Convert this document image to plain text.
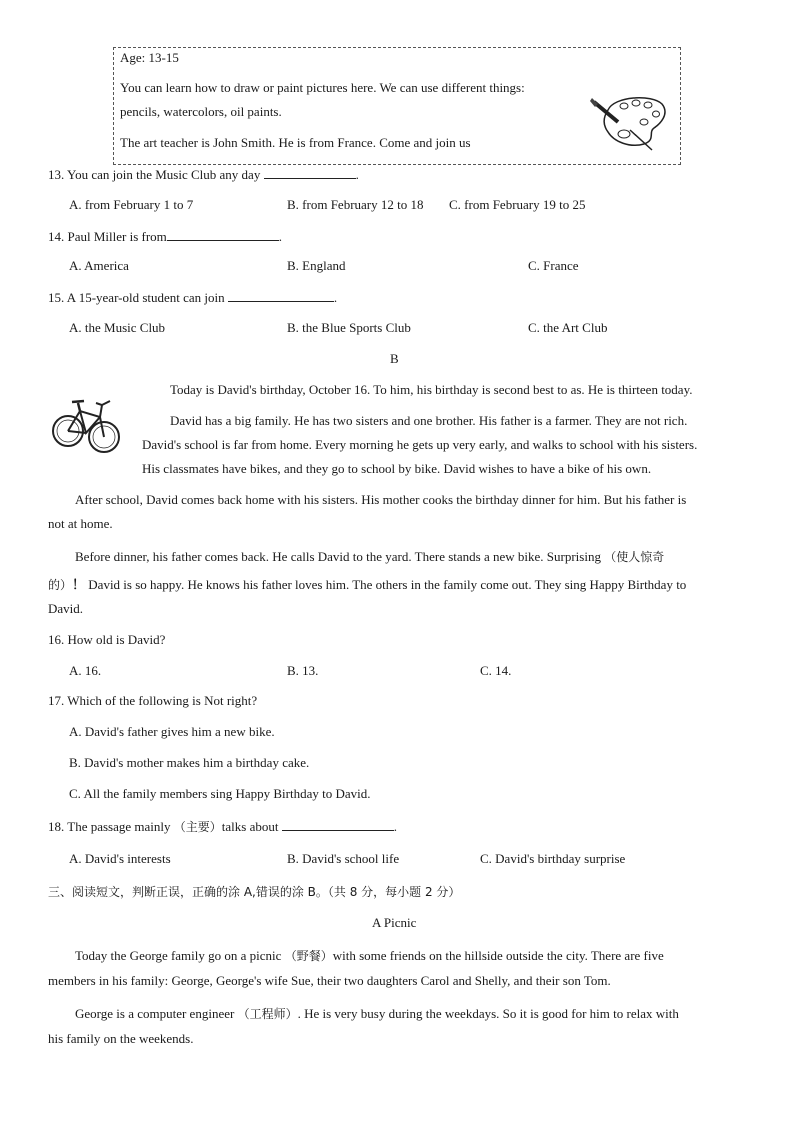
Age: 13-15
You can learn how to draw or paint pictures here. We can use different things:
pencils, watercolors, oil paints.
The art teacher is John Smith. He is from France. Come and join us
13. You can join the Music Club any day	.
A. from February 1 to 7	B. from February 12 to 18 C. from February 19 to 25
14. Paul Miller is from	.
A. America	B. England	C. France
15. A 15-year-old student can join	.
A. the Music Club	B. the Blue Sports Club	C. the Art Club
B
Today is David's birthday, October 16. To him, his birthday is second best to as. He is thirteen today.
David has a big family. He has two sisters and one brother. His father is a farmer. They are not rich.
David's school is far from home. Every morning he gets up very early, and walks to school with his sisters.
His classmates have bikes, and they go to school by bike. David wishes to have a bike of his own.
After school, David comes back home with his sisters. His mother cooks the birthday dinner for him. But his father is
not at home.
Before dinner, his father comes back. He calls David to the yard. There stands a new bike. Surprising （使人惊奇
的）！ David is so happy. He knows his father loves him. The others in the family come out. They sing Happy Birthday to
David.
16. How old is David?
A. 16.	B. 13.	C. 14.
17. Which of the following is Not right?
A. David's father gives him a new bike.
B. David's mother makes him a birthday cake.
C. All the family members sing Happy Birthday to David.
18. The passage mainly （主要）talks about	.
A. David's interests	B. David's school life	C. David's birthday surprise
三、阅读短文，判断正误，正确的涂 A,错误的涂 B。（共 8 分，每小题 2 分）
A Picnic
Today the George family go on a picnic （野餐）with some friends on the hillside outside the city. There are five
members in his family: George, George's wife Sue, their two daughters Carol and Shelly, and their son Tom.
George is a computer engineer （工程师）. He is very busy during the weekdays. So it is good for him to relax with
his family on the weekends.
